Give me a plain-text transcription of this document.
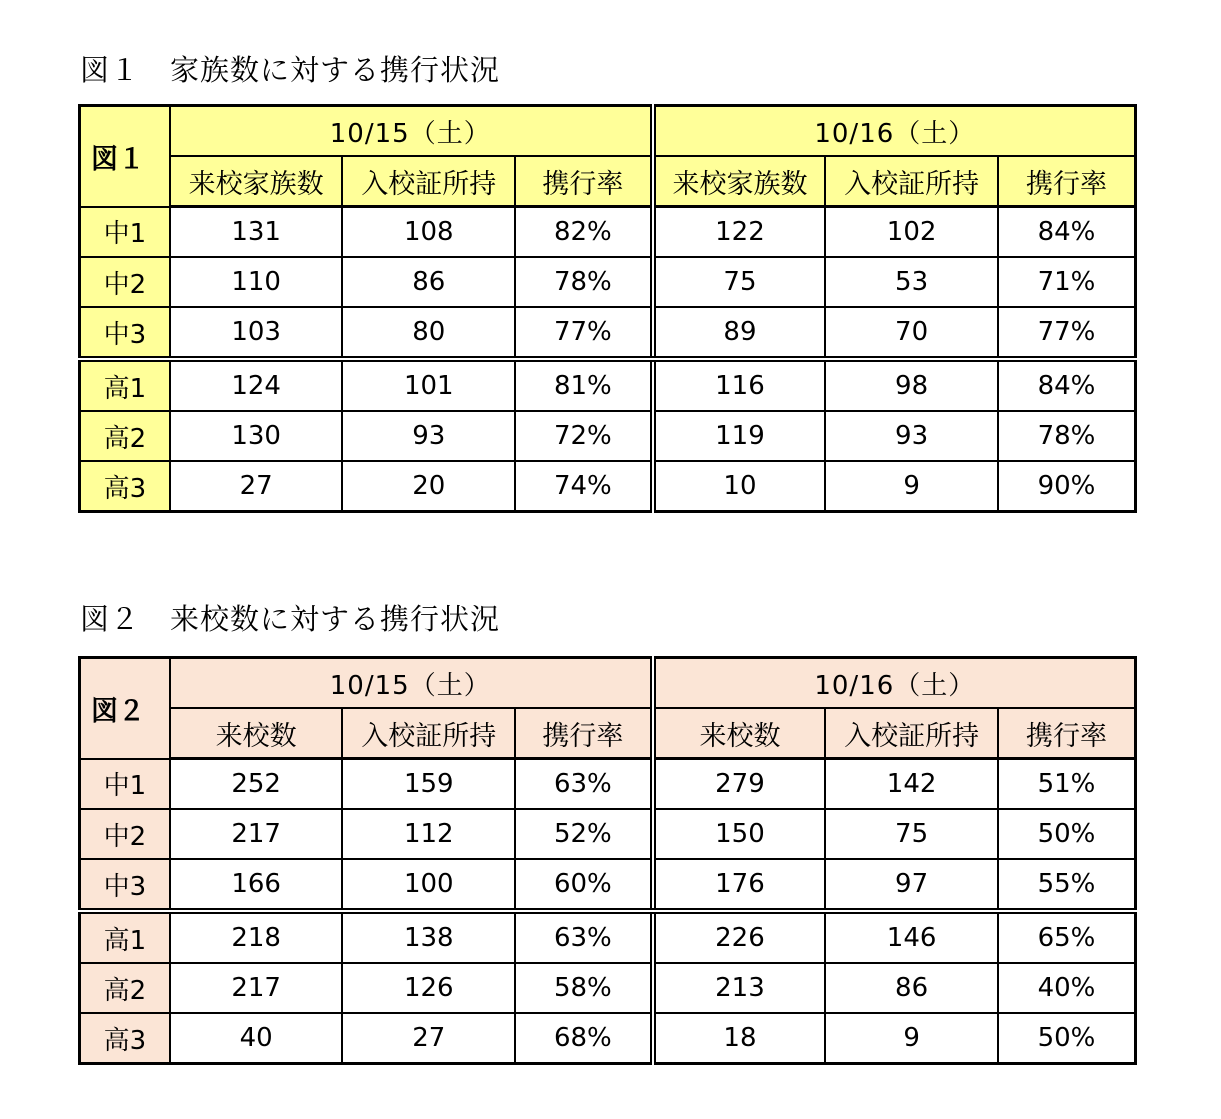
図１　家族数に対する携行状況
図１	10/15（土）			10/16（土）		
	来校家族数	入校証所持	携行率	来校家族数	入校証所持	携行率
中1	131	108	82%	122	102	84%
中2	110	86	78%	75	53	71%
中3	103	80	77%	89	70	77%
高1	124	101	81%	116	98	84%
高2	130	93	72%	119	93	78%
高3	27	20	74%	10	9	90%
図２　来校数に対する携行状況
図２	10/15（土）			10/16（土）		
	来校数	入校証所持	携行率	来校数	入校証所持	携行率
中1	252	159	63%	279	142	51%
中2	217	112	52%	150	75	50%
中3	166	100	60%	176	97	55%
高1	218	138	63%	226	146	65%
高2	217	126	58%	213	86	40%
高3	40	27	68%	18	9	50%
